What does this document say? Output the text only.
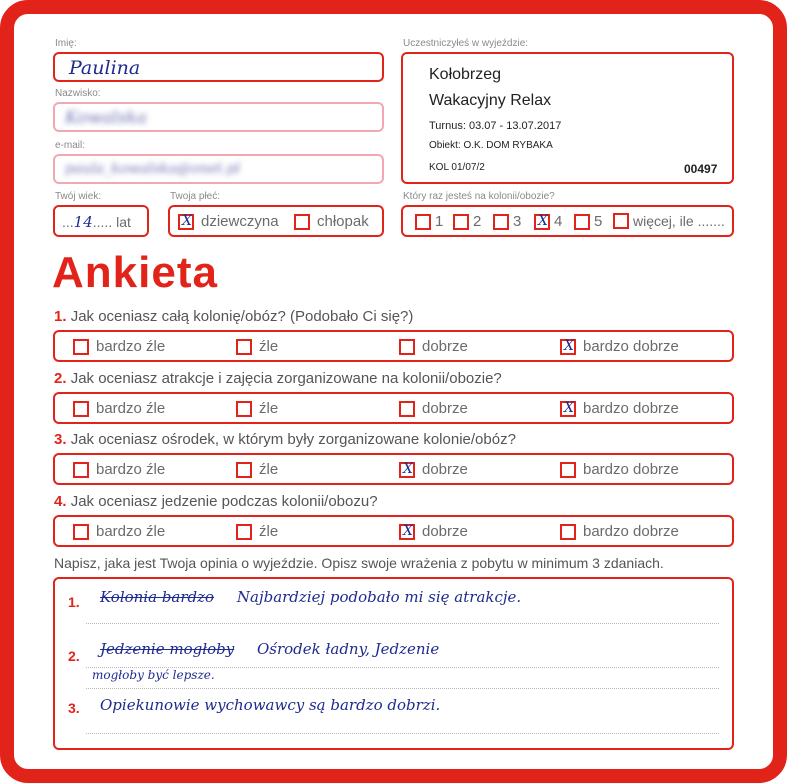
Imię:
Paulina
Nazwisko:
Kowalska
e-mail:
paula_kowalska@onet.pl
Twój wiek:
...14..... lat
Twoja płeć:
X dziewczyna	chłopak
Uczestniczyłeś w wyjeździe:
Kołobrzeg
Wakacyjny Relax
Turnus: 03.07 - 13.07.2017
Obiekt: O.K. DOM RYBAKA
KOL 01/07/2	00497
Który raz jesteś na kolonii/obozie?
1 2 3 X 4 5 więcej, ile .......
Ankieta
1. Jak oceniasz całą kolonię/obóz? (Podobało Ci się?)
bardzo źle	źle	dobrze	X bardzo dobrze
2. Jak oceniasz atrakcje i zajęcia zorganizowane na kolonii/obozie?
bardzo źle	źle	dobrze	X bardzo dobrze
3. Jak oceniasz ośrodek, w którym były zorganizowane kolonie/obóz?
bardzo źle	źle	X dobrze	bardzo dobrze
4. Jak oceniasz jedzenie podczas kolonii/obozu?
bardzo źle	źle	X dobrze	bardzo dobrze
Napisz, jaka jest Twoja opinia o wyjeździe. Opisz swoje wrażenia z pobytu w minimum 3 zdaniach.
1. Kolonia bardzo Najbardziej podobało mi się atrakcje.
2. Jedzenie mogłoby Ośrodek ładny, Jedzenie
mogłoby być lepsze.
3. Opiekunowie wychowawcy są bardzo dobrzi.
